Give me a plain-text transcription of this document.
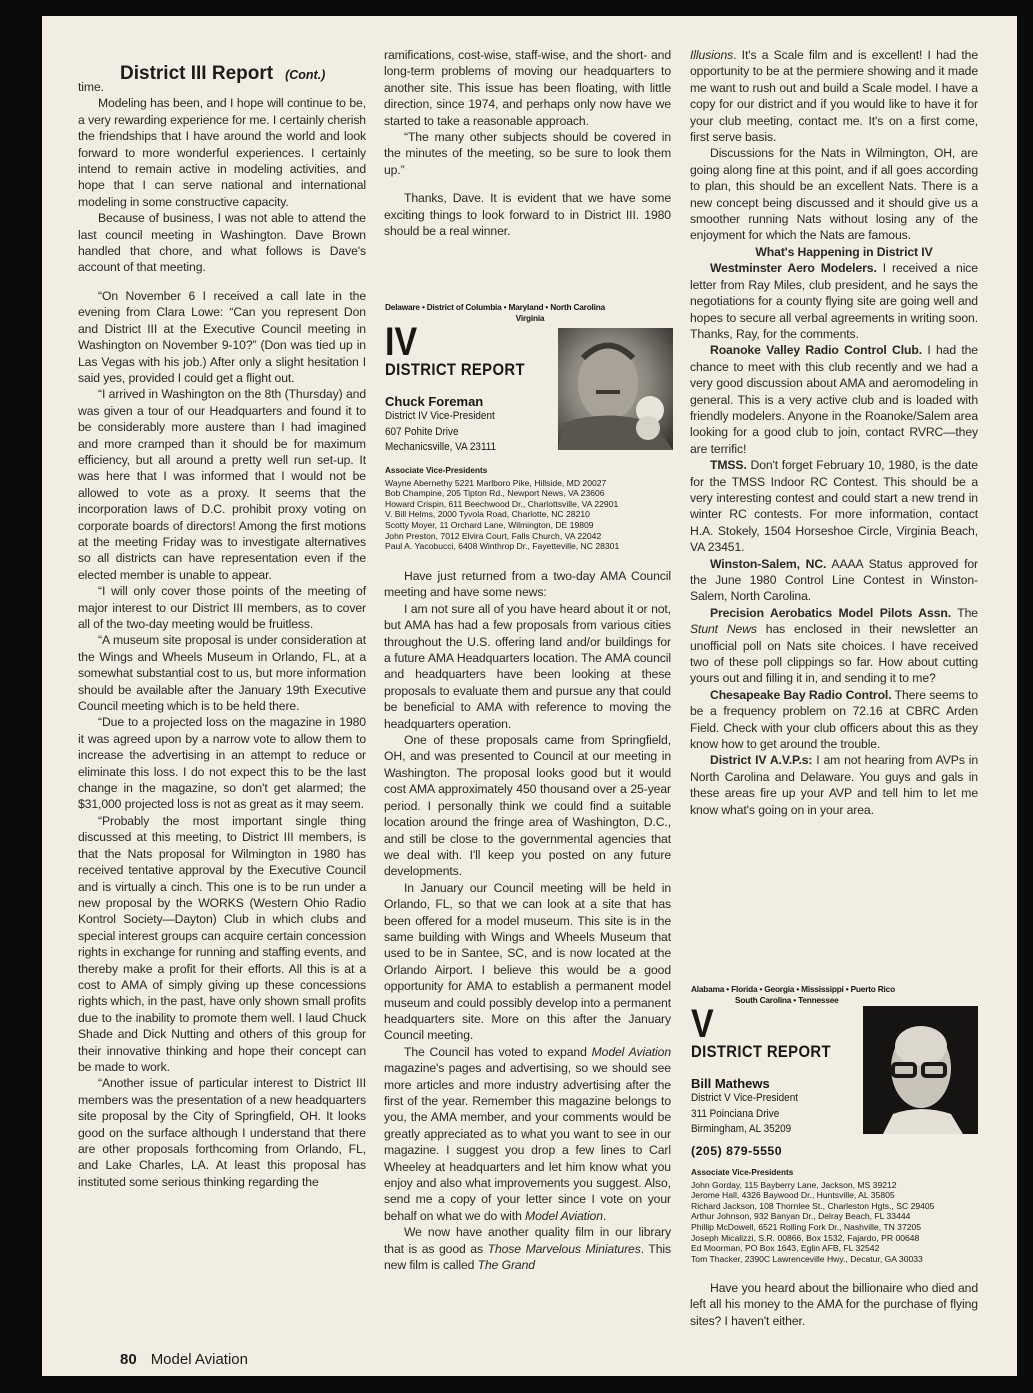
District III Report (Cont.)

time.

Modeling has been, and I hope will continue to be, a very rewarding experience for me. I certainly cherish the friendships that I have around the world and look forward to more wonderful experiences. I certainly intend to remain active in modeling activities, and hope that I can serve national and international modeling in some constructive capacity.

Because of business, I was not able to attend the last council meeting in Washington. Dave Brown handled that chore, and what follows is Dave's account of that meeting.

“On November 6 I received a call late in the evening from Clara Lowe: “Can you represent Don and District III at the Executive Council meeting in Washington on November 9-10?” (Don was tied up in Las Vegas with his job.) After only a slight hesitation I said yes, provided I could get a flight out.

“I arrived in Washington on the 8th (Thursday) and was given a tour of our Headquarters and found it to be considerably more austere than I had imagined and more cramped than it should be for maximum efficiency, but all around a pretty well run set-up. It was here that I was informed that I would not be allowed to vote as a proxy. It seems that the incorporation laws of D.C. prohibit proxy voting on corporate boards of directors! Among the first motions at the meeting Friday was to investigate alternatives so all districts can have representation even if the elected member is unable to appear.

“I will only cover those points of the meeting of major interest to our District III members, as to cover all of the two-day meeting would be fruitless.

“A museum site proposal is under consideration at the Wings and Wheels Museum in Orlando, FL, at a somewhat substantial cost to us, but more information should be available after the January 19th Executive Council meeting which is to be held there.

“Due to a projected loss on the magazine in 1980 it was agreed upon by a narrow vote to allow them to increase the advertising in an attempt to reduce or eliminate this loss. I do not expect this to be the last change in the magazine, so don't get alarmed; the $31,000 projected loss is not as great as it may seem.

“Probably the most important single thing discussed at this meeting, to District III members, is that the Nats proposal for Wilmington in 1980 has received tentative approval by the Executive Council and is virtually a cinch. This one is to be run under a new proposal by the WORKS (Western Ohio Radio Kontrol Society—Dayton) Club in which clubs and special interest groups can acquire certain concession rights in exchange for running and staffing events, and thereby make a profit for their efforts. All this is at a cost to AMA of simply giving up these concessions rights which, in the past, have only shown small profits due to the inability to promote them well. I laud Chuck Shade and Dick Nutting and others of this group for their innovative thinking and hope their concept can be made to work.

“Another issue of particular interest to District III members was the presentation of a new headquarters site proposal by the City of Springfield, OH. It looks good on the surface although I understand that there are other proposals forthcoming from Orlando, FL, and Lake Charles, LA. At least this proposal has instituted some serious thinking regarding the

ramifications, cost-wise, staff-wise, and the short- and long-term problems of moving our headquarters to another site. This issue has been floating, with little direction, since 1974, and perhaps only now have we started to take a reasonable approach.

“The many other subjects should be covered in the minutes of the meeting, so be sure to look them up.”

Thanks, Dave. It is evident that we have some exciting things to look forward to in District III. 1980 should be a real winner.

Delaware • District of Columbia • Maryland • North Carolina
Virginia
IV
DISTRICT REPORT
Chuck Foreman
District IV Vice-President
607 Pohite Drive
Mechanicsville, VA 23111
Associate Vice-Presidents
Wayne Abernethy 5221 Marlboro Pike, Hillside, MD 20027
Bob Champine, 205 Tipton Rd., Newport News, VA 23606
Howard Crispin, 611 Beechwood Dr., Charlottsville, VA 22901
V. Bill Helms, 2000 Tyvola Road, Charlotte, NC 28210
Scotty Moyer, 11 Orchard Lane, Wilmington, DE 19809
John Preston, 7012 Elvira Court, Falls Church, VA 22042
Paul A. Yacobucci, 6408 Winthrop Dr., Fayetteville, NC 28301

Have just returned from a two-day AMA Council meeting and have some news:

I am not sure all of you have heard about it or not, but AMA has had a few proposals from various cities throughout the U.S. offering land and/or buildings for a future AMA Headquarters location. The AMA council and headquarters have been looking at these proposals to evaluate them and pursue any that could be beneficial to AMA with reference to moving the headquarters operation.

One of these proposals came from Springfield, OH, and was presented to Council at our meeting in Washington. The proposal looks good but it would cost AMA approximately 450 thousand over a 25-year period. I personally think we could find a suitable location around the fringe area of Washington, D.C., and still be close to the governmental agencies that we deal with. I'll keep you posted on any future developments.

In January our Council meeting will be held in Orlando, FL, so that we can look at a site that has been offered for a model museum. This site is in the same building with Wings and Wheels Museum that used to be in Santee, SC, and is now located at the Orlando Airport. I believe this would be a good opportunity for AMA to establish a permanent model museum and could possibly develop into a permanent headquarters site. More on this after the January Council meeting.

The Council has voted to expand Model Aviation magazine's pages and advertising, so we should see more articles and more industry advertising after the first of the year. Remember this magazine belongs to you, the AMA member, and your comments would be greatly appreciated as to what you want to see in our magazine. I suggest you drop a few lines to Carl Wheeley at headquarters and let him know what you enjoy and also what improvements you suggest. Also, send me a copy of your letter since I vote on your behalf on what we do with Model Aviation.

We now have another quality film in our library that is as good as Those Marvelous Miniatures. This new film is called The Grand

Illusions. It's a Scale film and is excellent! I had the opportunity to be at the permiere showing and it made me want to rush out and build a Scale model. I have a copy for our district and if you would like to have it for your club meeting, contact me. It's on a first come, first serve basis.

Discussions for the Nats in Wilmington, OH, are going along fine at this point, and if all goes according to plan, this should be an excellent Nats. There is a new concept being discussed and it should give us a smoother running Nats without losing any of the enjoyment for which the Nats are famous.

What's Happening in District IV

Westminster Aero Modelers. I received a nice letter from Ray Miles, club president, and he says the negotiations for a county flying site are going well and hopes to secure all verbal agreements in writing soon. Thanks, Ray, for the comments.

Roanoke Valley Radio Control Club. I had the chance to meet with this club recently and we had a very good discussion about AMA and aeromodeling in general. This is a very active club and is loaded with friendly modelers. Anyone in the Roanoke/Salem area looking for a good club to join, contact RVRC—they are terrific!

TMSS. Don't forget February 10, 1980, is the date for the TMSS Indoor RC Contest. This should be a very interesting contest and could start a new trend in winter RC contests. For more information, contact H.A. Stokely, 1504 Horseshoe Circle, Virginia Beach, VA 23451.

Winston-Salem, NC. AAAA Status approved for the June 1980 Control Line Contest in Winston-Salem, North Carolina.

Precision Aerobatics Model Pilots Assn. The Stunt News has enclosed in their newsletter an unofficial poll on Nats site choices. I have received two of these poll clippings so far. How about cutting yours out and filling it in, and sending it to me?

Chesapeake Bay Radio Control. There seems to be a frequency problem on 72.16 at CBRC Arden Field. Check with your club officers about this as they know how to get around the trouble.

District IV A.V.P.s: I am not hearing from AVPs in North Carolina and Delaware. You guys and gals in these areas fire up your AVP and tell him to let me know what's going on in your area.

Alabama • Florida • Georgia • Mississippi • Puerto Rico
South Carolina • Tennessee
V
DISTRICT REPORT
Bill Mathews
District V Vice-President
311 Poinciana Drive
Birmingham, AL 35209
(205) 879-5550
Associate Vice-Presidents
John Gorday, 115 Bayberry Lane, Jackson, MS 39212
Jerome Hall, 4326 Baywood Dr., Huntsville, AL 35805
Richard Jackson, 108 Thornlee St., Charleston Hgts., SC 29405
Arthur Johnson, 932 Banyan Dr., Delray Beach, FL 33444
Phillip McDowell, 6521 Rolling Fork Dr., Nashville, TN 37205
Joseph Micalizzi, S.R. 00866, Box 1532, Fajardo, PR 00648
Ed Moorman, PO Box 1643, Eglin AFB, FL 32542
Tom Thacker, 2390C Lawrenceville Hwy., Decatur, GA 30033

Have you heard about the billionaire who died and left all his money to the AMA for the purchase of flying sites? I haven't either.

80 Model Aviation
